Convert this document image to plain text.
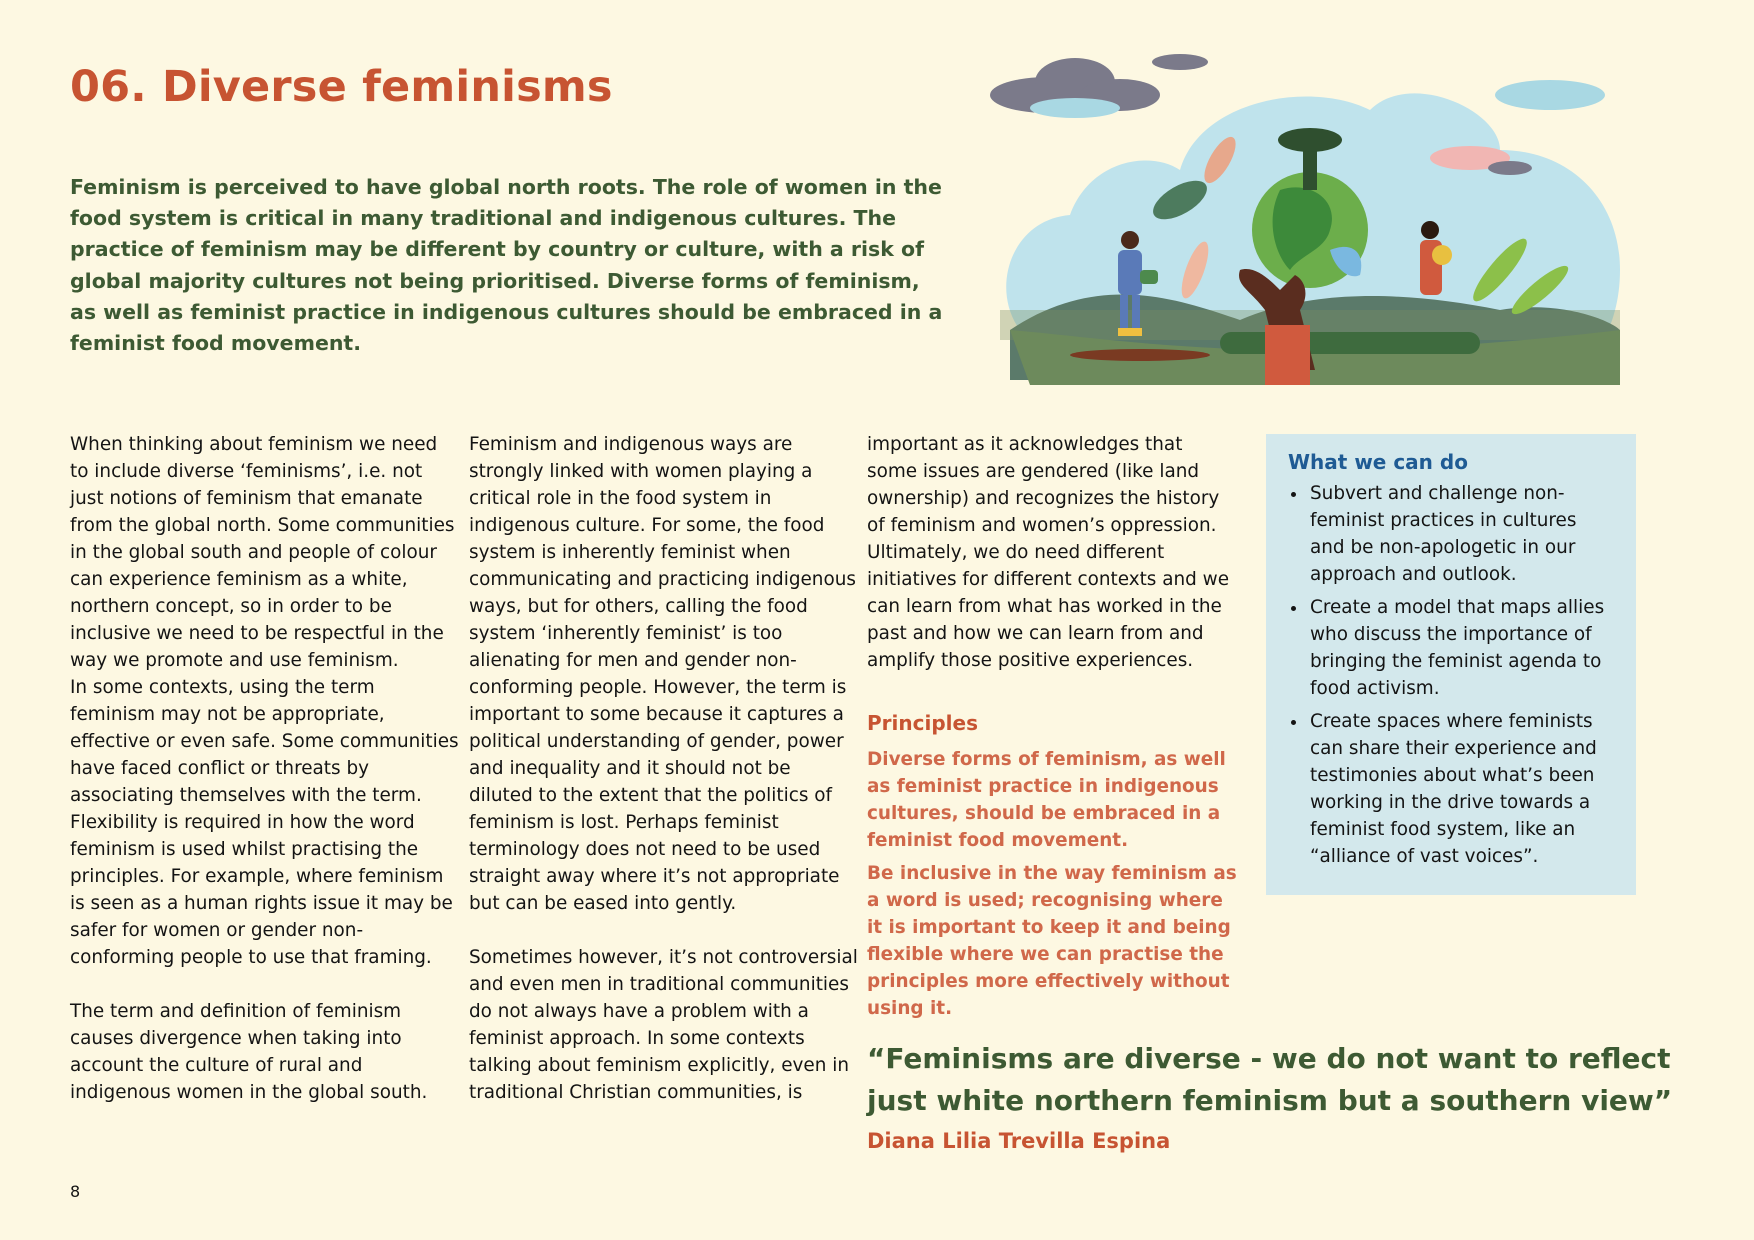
06. Diverse feminisms

Feminism is perceived to have global north roots. The role of women in the food system is critical in many traditional and indigenous cultures. The practice of feminism may be different by country or culture, with a risk of global majority cultures not being prioritised. Diverse forms of feminism, as well as feminist practice in indigenous cultures should be embraced in a feminist food movement.

When thinking about feminism we need to include diverse ‘feminisms’, i.e. not just notions of feminism that emanate from the global north. Some communities in the global south and people of colour can experience feminism as a white, northern concept, so in order to be inclusive we need to be respectful in the way we promote and use feminism.

In some contexts, using the term feminism may not be appropriate, effective or even safe. Some communities have faced conflict or threats by associating themselves with the term. Flexibility is required in how the word feminism is used whilst practising the principles. For example, where feminism is seen as a human rights issue it may be safer for women or gender non-conforming people to use that framing.

The term and definition of feminism causes divergence when taking into account the culture of rural and indigenous women in the global south.

Feminism and indigenous ways are strongly linked with women playing a critical role in the food system in indigenous culture. For some, the food system is inherently feminist when communicating and practicing indigenous ways, but for others, calling the food system ‘inherently feminist’ is too alienating for men and gender non-conforming people. However, the term is important to some because it captures a political understanding of gender, power and inequality and it should not be diluted to the extent that the politics of feminism is lost. Perhaps feminist terminology does not need to be used straight away where it’s not appropriate but can be eased into gently.

Sometimes however, it’s not controversial and even men in traditional communities do not always have a problem with a feminist approach. In some contexts talking about feminism explicitly, even in traditional Christian communities, is

important as it acknowledges that some issues are gendered (like land ownership) and recognizes the history of feminism and women’s oppression. Ultimately, we do need different initiatives for different contexts and we can learn from what has worked in the past and how we can learn from and amplify those positive experiences.

Principles

Diverse forms of feminism, as well as feminist practice in indigenous cultures, should be embraced in a feminist food movement.

Be inclusive in the way feminism as a word is used; recognising where it is important to keep it and being flexible where we can practise the principles more effectively without using it.

What we can do
• Subvert and challenge non-feminist practices in cultures and be non-apologetic in our approach and outlook.
• Create a model that maps allies who discuss the importance of bringing the feminist agenda to food activism.
• Create spaces where feminists can share their experience and testimonies about what’s been working in the drive towards a feminist food system, like an “alliance of vast voices”.

“Feminisms are diverse - we do not want to reflect just white northern feminism but a southern view”

Diana Lilia Trevilla Espina

8
